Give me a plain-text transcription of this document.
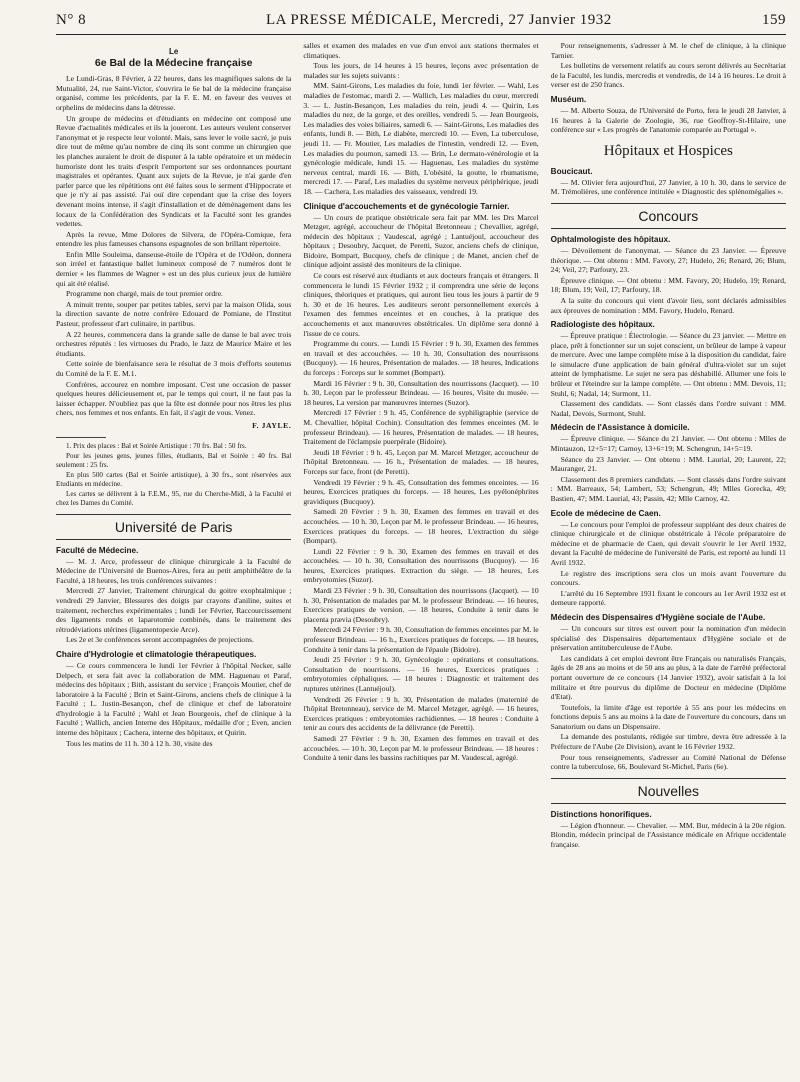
N° 8	LA PRESSE MÉDICALE, Mercredi, 27 Janvier 1932	159
Le
6e Bal de la Médecine française

Le Lundi-Gras, 8 Février, à 22 heures, dans les magnifiques salons de la Mutualité, 24, rue Saint-Victor, s'ouvrira le 6e bal de la médecine française organisé, comme les précédents, par la F. E. M. en faveur des veuves et orphelins de médecins dans la détresse.

Un groupe de médecins et d'étudiants en médecine ont composé une Revue d'actualités médicales et ils la joueront. Les auteurs veulent conserver l'anonymat et je respecte leur volonté. Mais, sans lever le voile sacré, je puis dire tout de même qu'au nombre de cinq ils sont comme un chirurgien que les planches auraient le droit de disputer à la table opératoire et un médecin humoriste dont les traits d'esprit l'emportent sur ses ordonnances pourtant magistrales et opérantes. Quant aux sujets de la Revue, je n'ai garde d'en parler parce que les répétitions ont été faites sous le serment d'Hippocrate et que je n'y ai pas assisté. J'ai ouï dire cependant que la crise des loyers devenant moins intense, il s'agit d'installation et de déménagement dans les locaux de la Confédération des Syndicats et la Faculté sont les grandes vedettes.

Après la revue, Mme Dolores de Silvera, de l'Opéra-Comique, fera entendre les plus fameuses chansons espagnoles de son brillant répertoire.

Enfin Mlle Souleima, danseuse-étoile de l'Opéra et de l'Odéon, donnera son irréel et fantastique ballet lumineux composé de 7 numéros dont le dernier « les flammes de Wagner » est un des plus curieux jeux de lumière qui ait été réalisé.

Programme non chargé, mais de tout premier ordre.

A minuit trente, souper par petites tables, servi par la maison Olida, sous la direction savante de notre confrère Edouard de Pomiane, de l'Institut Pasteur, professeur d'art culinaire, in partibus.

A 22 heures, commencera dans la grande salle de danse le bal avec trois orchestres réputés : les virtuoses du Prado, le Jazz de Maurice Maire et les étudiants.

Cette soirée de bienfaisance sera le résultat de 3 mois d'efforts soutenus du Comité de la F. E. M.1.

Confrères, accourez en nombre imposant. C'est une occasion de passer quelques heures délicieusement et, par le temps qui court, il ne faut pas la laisser échapper. N'oubliez pas que la fête est donnée pour nos êtres les plus chers, nos femmes et nos enfants. En fait, il s'agit de vous. Venez.

F. JAYLE.

1. Prix des places : Bal et Soirée Artistique : 70 frs. Bal : 50 frs.

Pour les jeunes gens, jeunes filles, étudiants, Bal et Soirée : 40 frs. Bal seulement : 25 frs.

En plus 500 cartes (Bal et Soirée artistique), à 30 frs., sont réservées aux Etudiants en médecine.

Les cartes se délivrent à la F.E.M., 95, rue du Cherche-Midi, à la Faculté et chez les Dames du Comité.

Université de Paris
Faculté de Médecine.

— M. J. Arce, professeur de clinique chirurgicale à la Faculté de Médecine de l'Université de Buenos-Aires, fera au petit amphithéâtre de la Faculté, à 18 heures, les trois conférences suivantes :

Mercredi 27 Janvier, Traitement chirurgical du goitre exophtalmique ; vendredi 29 Janvier, Blessures des doigts par crayons d'aniline, suites et traitement, recherches expérimentales ; lundi 1er Février, Raccourcissement des ligaments ronds et laparotomie combinés, dans le traitement des rétrodéviations utérines (ligamentopexie Arce).

Les 2e et 3e conférences seront accompagnées de projections.

Chaire d'Hydrologie et climatologie thérapeutiques.

— Ce cours commencera le lundi 1er Février à l'hôpital Necker, salle Delpech, et sera fait avec la collaboration de MM. Haguenau et Paraf, médecins des hôpitaux ; Bith, assistant du service ; François Moutier, chef de laboratoire à la Faculté ; Brin et Saint-Girons, anciens chefs de clinique à la Faculté ; L. Justin-Besançon, chef de clinique et chef de laboratoire d'hydrologie à la Faculté ; Wahl et Jean Bourgeois, chef de clinique à la Faculté ; Wallich, ancien Interne des Hôpitaux, médaille d'or ; Even, ancien interne des hôpitaux ; Cachera, interne des hôpitaux, et Quirin.

Tous les matins de 11 h. 30 à 12 h. 30, visite des

salles et examen des malades en vue d'un envoi aux stations thermales et climatiques.

Tous les jours, de 14 heures à 15 heures, leçons avec présentation de malades sur les sujets suivants :

MM. Saint-Girons, Les maladies du foie, lundi 1er février. — Wahl, Les maladies de l'estomac, mardi 2. — Wallich, Les maladies du cœur, mercredi 3. — L. Justin-Besançon, Les maladies du rein, jeudi 4. — Quirin, Les maladies du nez, de la gorge, et des oreilles, vendredi 5. — Jean Bourgeois, Les maladies des voies biliaires, samedi 6. — Saint-Girons, Les maladies des enfants, lundi 8. — Bith, Le diabète, mercredi 10. — Even, La tuberculose, jeudi 11. — Fr. Moutier, Les maladies de l'intestin, vendredi 12. — Even, Les maladies du poumon, samedi 13. — Brin, Le dermato-vénérologie et la gynécologie médicale, lundi 15. — Haguenau, Les maladies du système nerveux central, mardi 16. — Bith, L'obésité, la goutte, le rhumatisme, mercredi 17. — Paraf, Les maladies du système nerveux périphérique, jeudi 18. — Cachera, Les maladies des vaisseaux, vendredi 19.

Clinique d'accouchements et de gynécologie Tarnier.

— Un cours de pratique obstétricale sera fait par MM. les Drs Marcel Metzger, agrégé, accoucheur de l'hôpital Bretonneau ; Chevallier, agrégé, médecin des hôpitaux ; Vaudescal, agrégé ; Lantuéjoul, accoucheur des hôpitaux ; Desoubry, Jacquet, de Peretti, Suzor, anciens chefs de clinique, Bidoire, Bompart, Bucquoy, chefs de clinique ; de Manet, ancien chef de clinique adjoint assisté des moniteurs de la clinique.

Ce cours est réservé aux étudiants et aux docteurs français et étrangers. Il commencera le lundi 15 Février 1932 ; il comprendra une série de leçons cliniques, théoriques et pratiques, qui auront lieu tous les jours à partir de 9 h. 30 et de 16 heures. Les auditeurs seront personnellement exercés à l'examen des femmes enceintes et en couches, à la pratique des accouchements et aux manœuvres obstétricales. Un diplôme sera donné à l'issue de ce cours.

Programme du cours. — Lundi 15 Février : 9 h. 30, Examen des femmes en travail et des accouchées. — 10 h. 30, Consultation des nourrissons (Bucquoy). — 16 heures, Présentation de malades. — 18 heures, Indications du forceps : Forceps sur le sommet (Bompart).

Mardi 16 Février : 9 h. 30, Consultation des nourrissons (Jacquet). — 10 h. 30, Leçon par le professeur Brindeau. — 16 heures, Visite du musée. — 18 heures, La version par manœuvres internes (Suzor).

Mercredi 17 Février : 9 h. 45, Conférence de syphiligraphie (service de M. Chevallier, hôpital Cochin). Consultation des femmes enceintes (M. le professeur Brindeau). — 16 heures, Présentation de malades. — 18 heures, Traitement de l'éclampsie puerpérale (Bidoire).

Jeudi 18 Février : 9 h. 45, Leçon par M. Marcel Metzger, accoucheur de l'hôpital Bretonneau. — 16 h., Présentation de malades. — 18 heures, Forceps sur face, front (de Peretti).

Vendredi 19 Février : 9 h. 45, Consultation des femmes enceintes. — 16 heures, Exercices pratiques du forceps. — 18 heures, Les pyélonéphrites gravidiques (Bucquoy).

Samedi 20 Février : 9 h. 30, Examen des femmes en travail et des accouchées. — 10 h. 30, Leçon par M. le professeur Brindeau. — 16 heures, Exercices pratiques du forceps. — 18 heures, L'extraction du siège (Bompart).

Lundi 22 Février : 9 h. 30, Examen des femmes en travail et des accouchées. — 10 h. 30, Consultation des nourrissons (Bucquoy). — 16 heures, Exercices pratiques. Extraction du siège. — 18 heures, Les embryotomies (Suzor).

Mardi 23 Février : 9 h. 30, Consultation des nourrissons (Jacquet). — 10 h. 30, Présentation de malades par M. le professeur Brindeau. — 16 heures, Exercices pratiques de version. — 18 heures, Conduite à tenir dans le placenta prævia (Desoubry).

Mercredi 24 Février : 9 h. 30, Consultation de femmes enceintes par M. le professeur Brindeau. — 16 h., Exercices pratiques de forceps. — 18 heures, Conduite à tenir dans la présentation de l'épaule (Bidoire).

Jeudi 25 Février : 9 h. 30, Gynécologie : opérations et consultations. Consultation de nourrissons. — 16 heures, Exercices pratiques : embryotomies céphaliques. — 18 heures : Diagnostic et traitement des ruptures utérines (Lantuéjoul).

Vendredi 26 Février : 9 h. 30, Présentation de malades (maternité de l'hôpital Bretonneau), service de M. Marcel Metzger, agrégé. — 16 heures, Exercices pratiques : embryotomies rachidiennes. — 18 heures : Conduite à tenir au cours des accidents de la délivrance (de Peretti).

Samedi 27 Février : 9 h. 30, Examen des femmes en travail et des accouchées. — 10 h. 30, Leçon par M. le professeur Brindeau. — 18 heures : Conduite à tenir dans les bassins rachitiques par M. Vaudescal, agrégé.

Pour renseignements, s'adresser à M. le chef de clinique, à la clinique Tarnier.

Les bulletins de versement relatifs au cours seront délivrés au Secrétariat de la Faculté, les lundis, mercredis et vendredis, de 14 à 16 heures. Le droit à verser est de 250 francs.

Muséum.

— M. Alberto Souza, de l'Université de Porto, fera le jeudi 28 Janvier, à 16 heures à la Galerie de Zoologie, 36, rue Geoffroy-St-Hilaire, une conférence sur « Les progrès de l'anatomie comparée au Portugal ».

Hôpitaux et Hospices
Boucicaut.

— M. Olivier fera aujourd'hui, 27 Janvier, à 10 h. 30, dans le service de M. Trémolières, une conférence intitulée « Diagnostic des splénomégalies ».

Concours
Ophtalmologiste des hôpitaux.

— Dévoilement de l'anonymat. — Séance du 23 Janvier. — Épreuve théorique. — Ont obtenu : MM. Favory, 27; Hudelo, 26; Renard, 26; Blum, 24; Veil, 27; Parfoury, 23.

Épreuve clinique. — Ont obtenu : MM. Favory, 20; Hudelo, 19; Renard, 18; Blum, 19; Veil, 17; Parfoury, 18.

A la suite du concours qui vient d'avoir lieu, sont déclarés admissibles aux épreuves de nomination : MM. Favory, Hudelo, Renard.

Radiologiste des hôpitaux.

— Épreuve pratique : Électrologie. — Séance du 23 janvier. — Mettre en place, prêt à fonctionner sur un sujet conscient, un brûleur de lampe à vapeur de mercure. Avec une lampe complète mise à la disposition du candidat, faire le simulacre d'une application de bain général d'ultra-violet sur un sujet atteint de lymphatisme. Le sujet ne sera pas déshabillé. Allumer une fois le brûleur et l'éteindre sur la lampe complète. — Ont obtenu : MM. Devois, 11; Stuhl, 6; Nadal, 14; Surmont, 11.

Classement des candidats. — Sont classés dans l'ordre suivant : MM. Nadal, Devois, Surmont, Stuhl.

Médecin de l'Assistance à domicile.

— Épreuve clinique. — Séance du 21 Janvier. — Ont obtenu : Mlles de Mintauzon, 12+5=17; Carnoy, 13+6=19; M. Schengrun, 14+5=19.

Séance du 23 Janvier. — Ont obtenu : MM. Laurial, 20; Laurent, 22; Mauranger, 21.

Classement des 8 premiers candidats. — Sont classés dans l'ordre suivant : MM. Barreaux, 54; Lambert, 53; Schengrun, 49; Mlles Gorecka, 49; Bastien, 47; MM. Laurial, 43; Passin, 42; Mlle Carnoy, 42.

Ecole de médecine de Caen.

— Le concours pour l'emploi de professeur suppléant des deux chaires de clinique chirurgicale et de clinique obstétricale à l'école préparatoire de médecine et de pharmacie de Caen, qui devait s'ouvrir le 1er Avril 1932, devant la Faculté de médecine de l'université de Paris, est reporté au lundi 11 Avril 1932.

Le registre des inscriptions sera clos un mois avant l'ouverture du concours.

L'arrêté du 16 Septembre 1931 fixant le concours au 1er Avril 1932 est et demeure rapporté.

Médecin des Dispensaires d'Hygiène sociale de l'Aube.

— Un concours sur titres est ouvert pour la nomination d'un médecin spécialisé des Dispensaires départementaux d'Hygiène sociale et de préservation antituberculeuse de l'Aube.

Les candidats à cet emploi devront être Français ou naturalisés Français, âgés de 28 ans au moins et de 50 ans au plus, à la date de l'arrêté préfectoral portant ouverture de ce concours (14 Janvier 1932), avoir satisfait à la loi militaire et être pourvus du diplôme de Docteur en médecine (Diplôme d'Etat).

Toutefois, la limite d'âge est reportée à 55 ans pour les médecins en fonctions depuis 5 ans au moins à la date de l'ouverture du concours, dans un Sanatorium ou dans un Dispensaire.

La demande des postulants, rédigée sur timbre, devra être adressée à la Préfecture de l'Aube (2e Division), avant le 16 Février 1932.

Pour tous renseignements, s'adresser au Comité National de Défense contre la tuberculose, 66, Boulevard St-Michel, Paris (6e).

Nouvelles
Distinctions honorifiques.

— Légion d'honneur. — Chevalier. — MM. Bur, médecin à la 20e région. Blondin, médecin principal de l'Assistance médicale en Afrique occidentale française.
